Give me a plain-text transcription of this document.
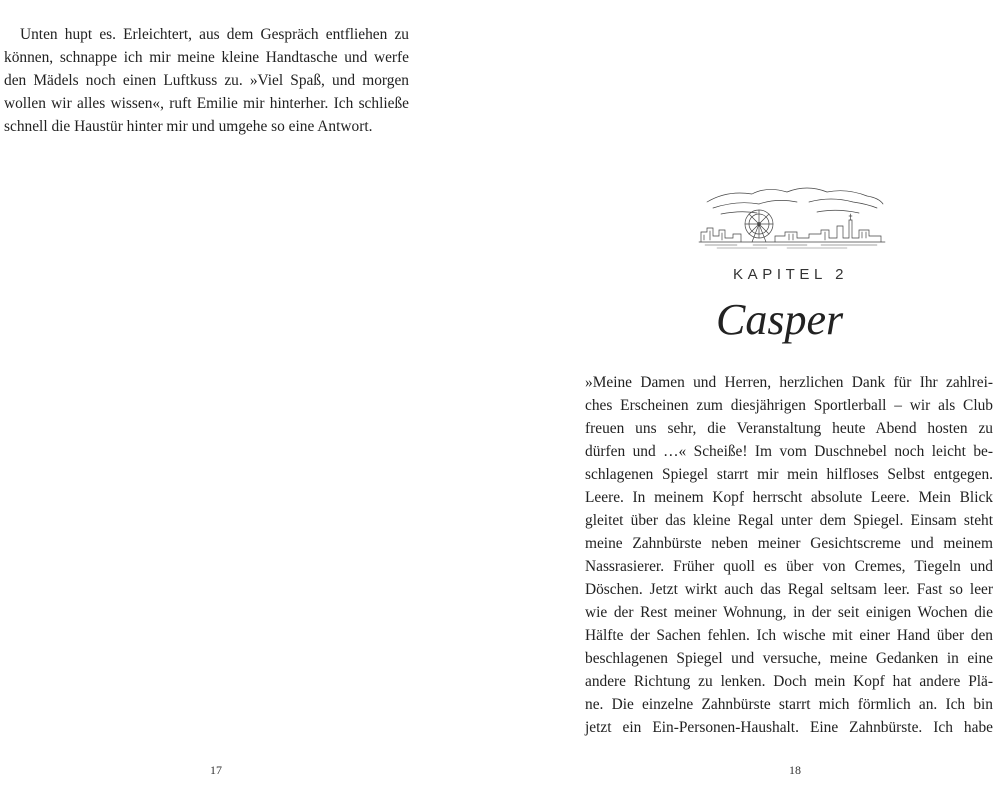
Unten hupt es. Erleichtert, aus dem Gespräch entfliehen zu
können, schnappe ich mir meine kleine Handtasche und werfe
den Mädels noch einen Luftkuss zu. »Viel Spaß, und morgen
wollen wir alles wissen«, ruft Emilie mir hinterher. Ich schließe
schnell die Haustür hinter mir und umgehe so eine Antwort.
17
KAPITEL 2
Casper
»Meine Damen und Herren, herzlichen Dank für Ihr zahlrei-
ches Erscheinen zum diesjährigen Sportlerball – wir als Club
freuen uns sehr, die Veranstaltung heute Abend hosten zu
dürfen und …« Scheiße! Im vom Duschnebel noch leicht be-
schlagenen Spiegel starrt mir mein hilfloses Selbst entgegen.
Leere. In meinem Kopf herrscht absolute Leere. Mein Blick
gleitet über das kleine Regal unter dem Spiegel. Einsam steht
meine Zahnbürste neben meiner Gesichtscreme und meinem
Nassrasierer. Früher quoll es über von Cremes, Tiegeln und
Döschen. Jetzt wirkt auch das Regal seltsam leer. Fast so leer
wie der Rest meiner Wohnung, in der seit einigen Wochen die
Hälfte der Sachen fehlen. Ich wische mit einer Hand über den
beschlagenen Spiegel und versuche, meine Gedanken in eine
andere Richtung zu lenken. Doch mein Kopf hat andere Plä-
ne. Die einzelne Zahnbürste starrt mich förmlich an. Ich bin
jetzt ein Ein-Personen-Haushalt. Eine Zahnbürste. Ich habe
18
